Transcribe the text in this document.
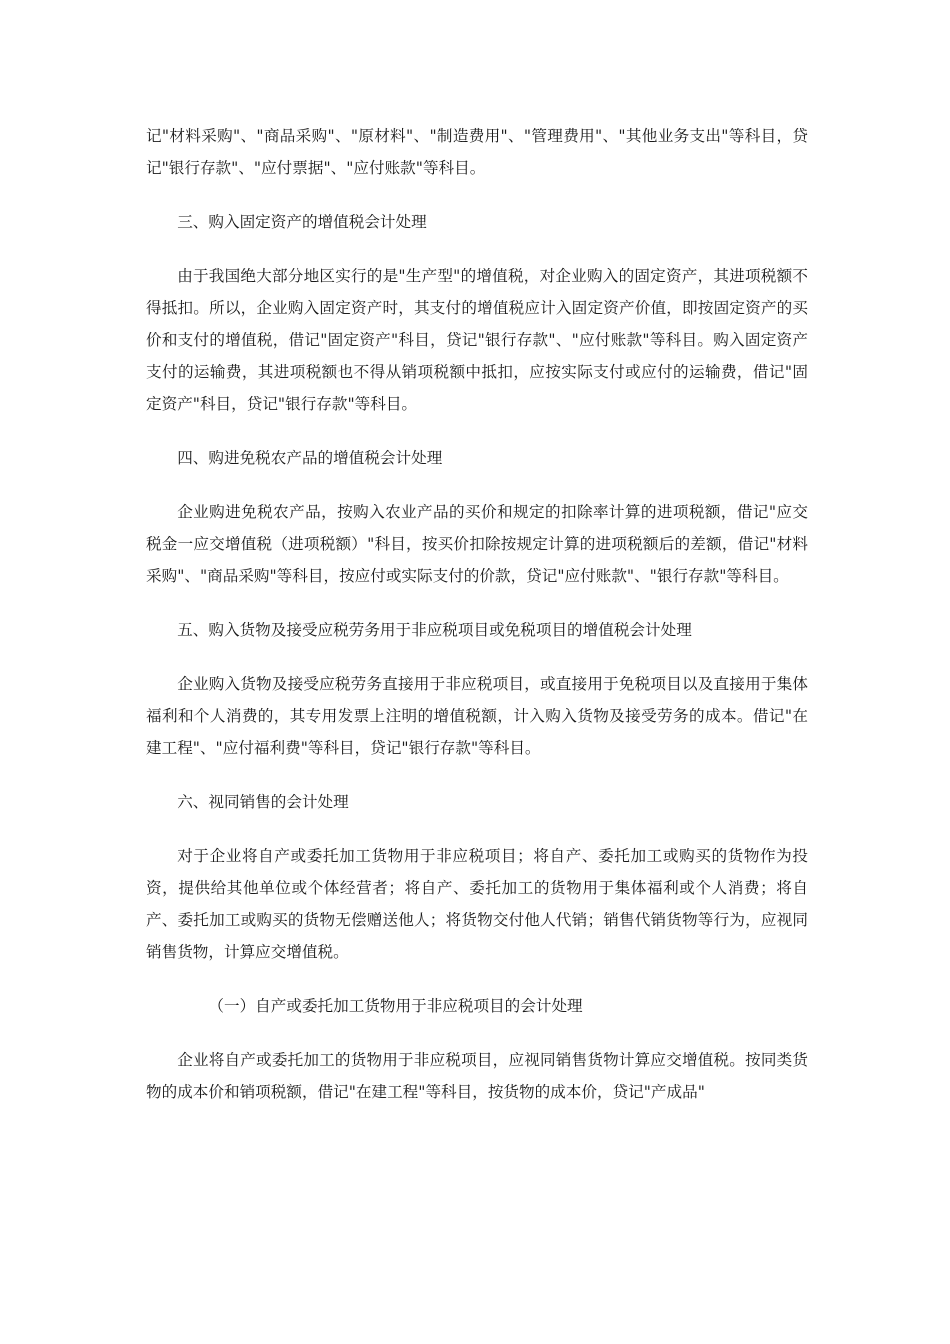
记"材料采购"、"商品采购"、"原材料"、"制造费用"、"管理费用"、"其他业务支出"等科目，贷记"银行存款"、"应付票据"、"应付账款"等科目。

三、购入固定资产的增值税会计处理

由于我国绝大部分地区实行的是"生产型"的增值税，对企业购入的固定资产，其进项税额不得抵扣。所以，企业购入固定资产时，其支付的增值税应计入固定资产价值，即按固定资产的买价和支付的增值税，借记"固定资产"科目，贷记"银行存款"、"应付账款"等科目。购入固定资产支付的运输费，其进项税额也不得从销项税额中抵扣，应按实际支付或应付的运输费，借记"固定资产"科目，贷记"银行存款"等科目。

四、购进免税农产品的增值税会计处理

企业购进免税农产品，按购入农业产品的买价和规定的扣除率计算的进项税额，借记"应交税金一应交增值税（进项税额）"科目，按买价扣除按规定计算的进项税额后的差额，借记"材料采购"、"商品采购"等科目，按应付或实际支付的价款，贷记"应付账款"、"银行存款"等科目。

五、购入货物及接受应税劳务用于非应税项目或免税项目的增值税会计处理

企业购入货物及接受应税劳务直接用于非应税项目，或直接用于免税项目以及直接用于集体福利和个人消费的，其专用发票上注明的增值税额，计入购入货物及接受劳务的成本。借记"在建工程"、"应付福利费"等科目，贷记"银行存款"等科目。

六、视同销售的会计处理

对于企业将自产或委托加工货物用于非应税项目；将自产、委托加工或购买的货物作为投资，提供给其他单位或个体经营者；将自产、委托加工的货物用于集体福利或个人消费；将自产、委托加工或购买的货物无偿赠送他人；将货物交付他人代销；销售代销货物等行为，应视同销售货物，计算应交增值税。

（一）自产或委托加工货物用于非应税项目的会计处理

企业将自产或委托加工的货物用于非应税项目，应视同销售货物计算应交增值税。按同类货物的成本价和销项税额，借记"在建工程"等科目，按货物的成本价，贷记"产成品"
